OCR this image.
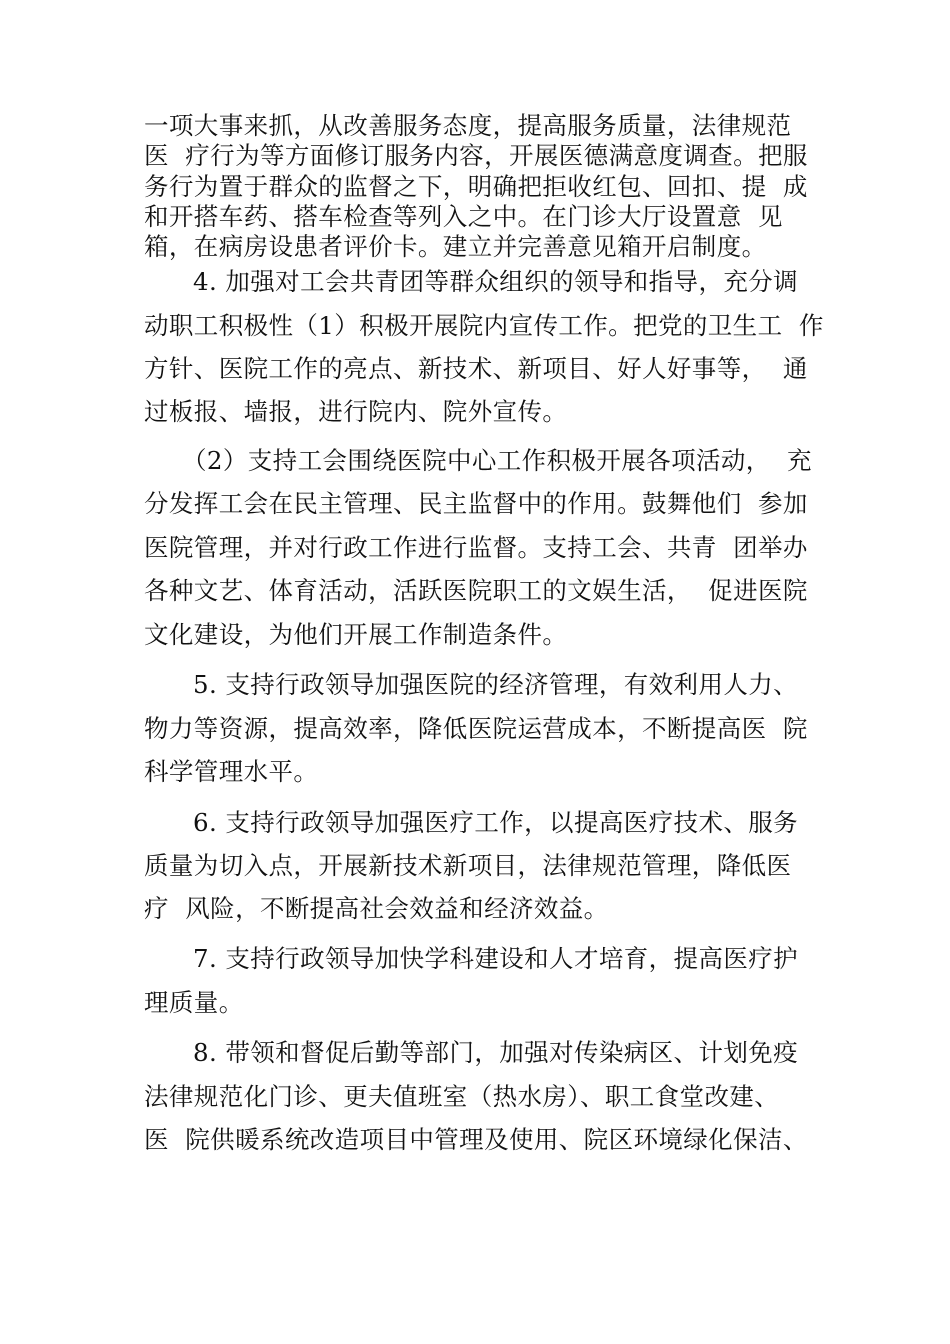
一项大事来抓，从改善服务态度，提高服务质量，法律规范
医  疗行为等方面修订服务内容，开展医德满意度调查。把服
务行为置于群众的监督之下，明确把拒收红包、回扣、提  成
和开搭车药、搭车检查等列入之中。在门诊大厅设置意  见
箱，在病房设患者评价卡。建立并完善意见箱开启制度。
4. 加强对工会共青团等群众组织的领导和指导，充分调
动职工积极性（1）积极开展院内宣传工作。把党的卫生工  作
方针、医院工作的亮点、新技术、新项目、好人好事等，  通
过板报、墙报，进行院内、院外宣传。
（2）支持工会围绕医院中心工作积极开展各项活动，  充
分发挥工会在民主管理、民主监督中的作用。鼓舞他们  参加
医院管理，并对行政工作进行监督。支持工会、共青  团举办
各种文艺、体育活动，活跃医院职工的文娱生活，  促进医院
文化建设，为他们开展工作制造条件。
5. 支持行政领导加强医院的经济管理，有效利用人力、
物力等资源，提高效率，降低医院运营成本，不断提高医  院
科学管理水平。
6. 支持行政领导加强医疗工作，以提高医疗技术、服务
质量为切入点，开展新技术新项目，法律规范管理，降低医
疗  风险，不断提高社会效益和经济效益。
7. 支持行政领导加快学科建设和人才培育，提高医疗护
理质量。
8. 带领和督促后勤等部门，加强对传染病区、计划免疫
法律规范化门诊、更夫值班室（热水房）、职工食堂改建、
医  院供暖系统改造项目中管理及使用、院区环境绿化保洁、
